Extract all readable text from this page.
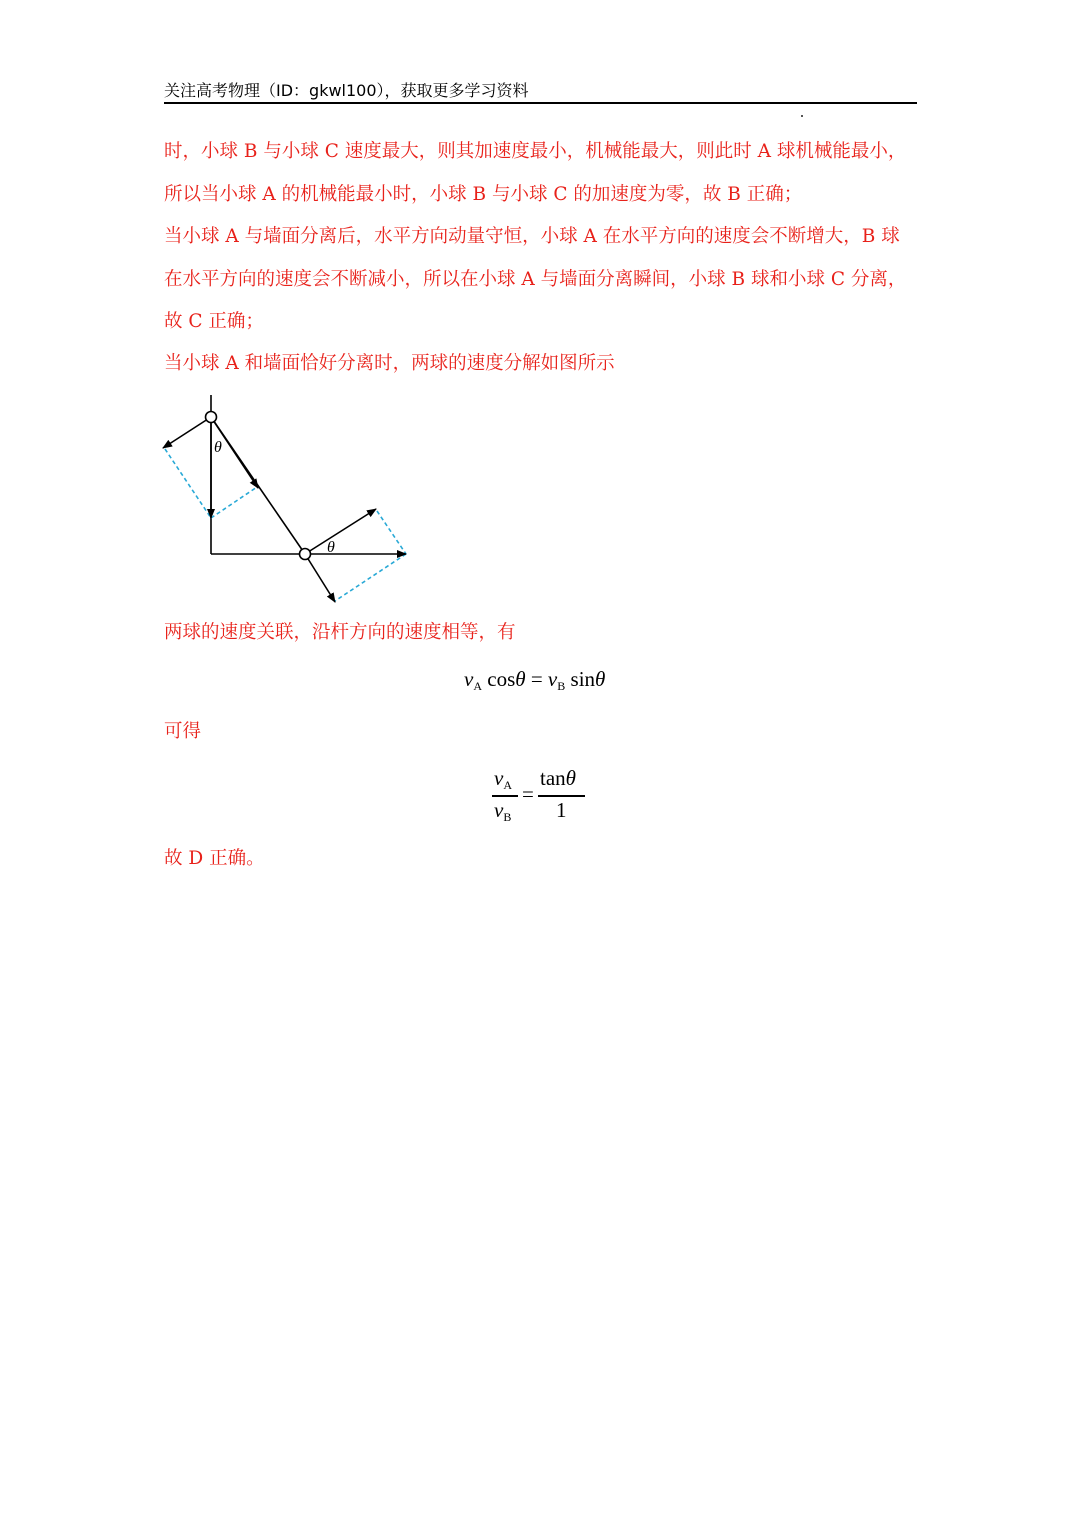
关注高考物理（ID：gkwl100），获取更多学习资料
时，小球 B 与小球 C 速度最大，则其加速度最小，机械能最大，则此时 A 球机械能最小，
所以当小球 A 的机械能最小时，小球 B 与小球 C 的加速度为零，故 B 正确；
当小球 A 与墙面分离后，水平方向动量守恒，小球 A 在水平方向的速度会不断增大，B 球
在水平方向的速度会不断减小，所以在小球 A 与墙面分离瞬间，小球 B 球和小球 C 分离，
故 C 正确；
当小球 A 和墙面恰好分离时，两球的速度分解如图所示
θ
θ
两球的速度关联，沿杆方向的速度相等，有
$v_A$ $\cos\theta = v_B$ sinθ
可得
$v_A$
$v_B$
=
tanθ
1
故 D 正确。
